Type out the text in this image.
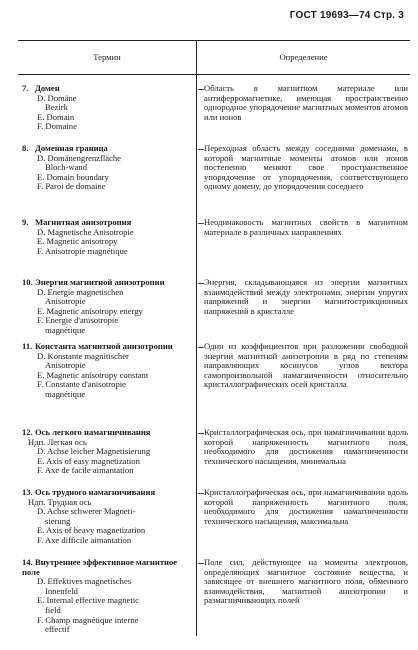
ГОСТ 19693—74 Стр. 3
Термин	Определение
7. Домен
D. Domäne
Bezirk
E. Domain
F. Domaine
Область в магнитном материале или антиферромагнетике, имеющая пространственно однородное упорядочение магнитных моментов атомов или ионов
8. Доменная граница
D. Domänengrenzfläche
Bloch-wand
E. Domain boundary
F. Paroi de domaine
Переходная область между соседними доменами, в которой магнитные моменты атомов или ионов постепенно меняют свое пространственное упорядочение от упорядочения, соответствующего одному домену, до упорядочения соседнего
9. Магнитная анизотропия
D. Magnetische Anisotropie
E. Magnetic anisotropy
F. Anisotropie magnétique
Неодинаковость магнитных свойств в магнитном материале в различных направлениях
10. Энергия магнитной анизотропии
D. Energie magnetischen
Anisotropie
E. Magnetic anisotropy energy
F. Energie d'anisotropie
magnétique
Энергия, складывающаяся из энергии магнитных взаимодействий между электронами, энергии упругих напряжений и энергии магнитострикционных напряжений в кристалле
11. Константа магнитной анизотропии
D. Konstante magnitischer
Anisotropie
E. Magnetic anisotropy constant
F. Constante d'anisotropie
magnétique
Один из коэффициентов при разложении свободной энергии магнитной анизотропии в ряд по степеням направляющих косинусов углов вектора самопроизвольной намагниченности относительно кристаллографических осей кристалла
12. Ось легкого намагничивания
Ндп. Легкая ось
D. Achse leicher Magnetisierung
E. Axis of easy magnetization
F. Axe de facile aimantation
Кристаллографическая ось, при намагничивании вдоль которой напряженность магнитного поля, необходимого для достижения намагниченности технического насыщения, минимальна
13. Ось трудного намагничивания
Ндп. Трудная ось
D. Achse schwerer Magneti-
sierung
E. Axis of heavy magnetization
F. Axe difficile aimantation
Кристаллографическая ось, при намагничивании вдоль которой напряженность магнитного поля, необходимого для достижения намагниченности технического насыщения, максимальна
14. Внутреннее эффективное магнитное поле
D. Effektives magnetisches
Innenfeld
E. Internal effective magnetic
field
F. Champ magnétique interne
effectif
Поле сил, действующее на моменты электронов, определяющих магнитное состояние вещества, и зависящее от внешнего магнитного поля, обменного взаимодействия, магнитной анизотропии и размагничивающих полей
